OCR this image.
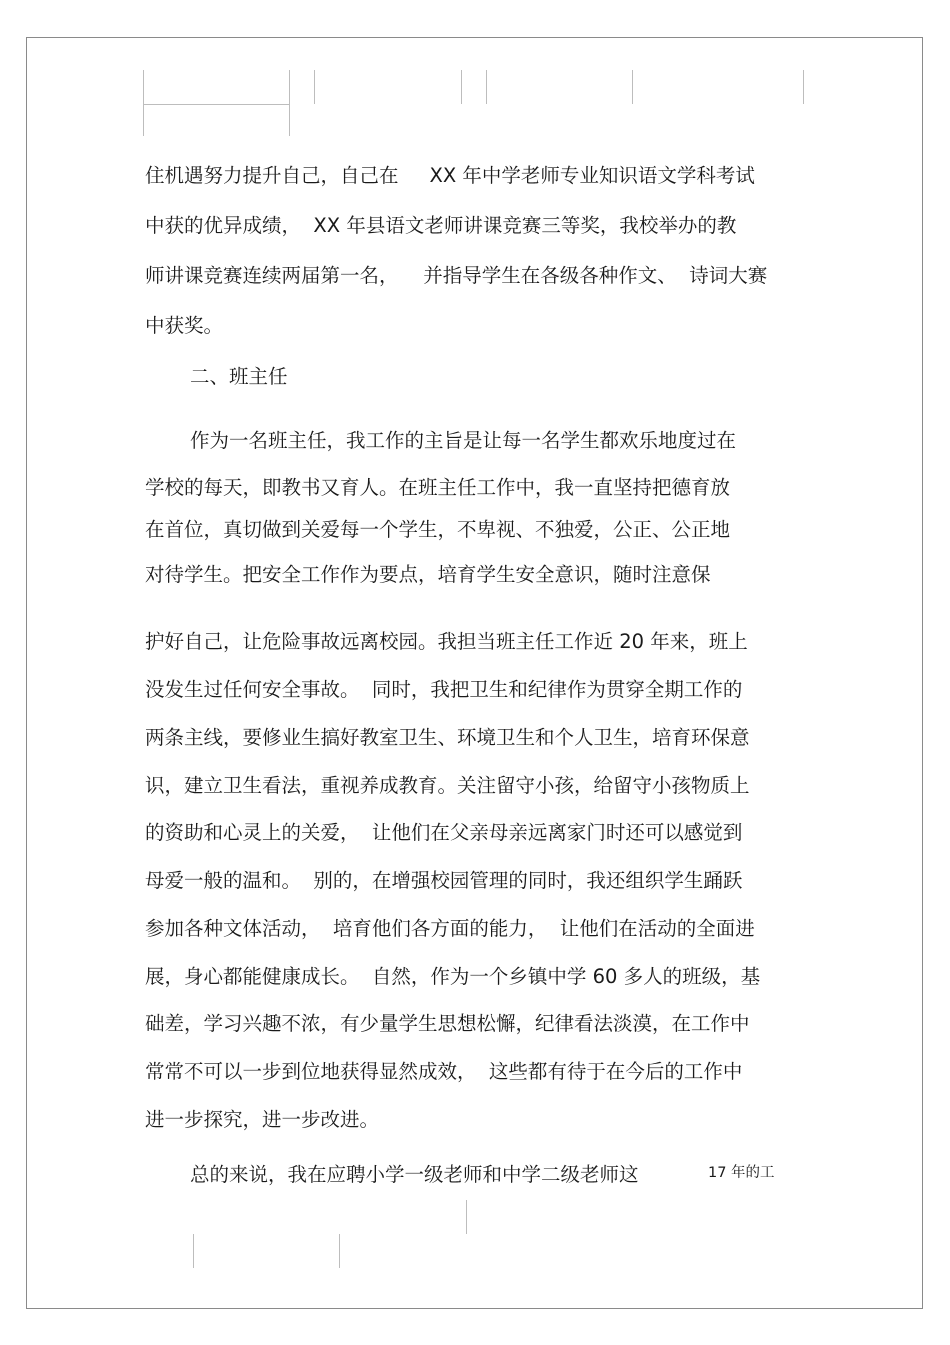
住机遇努力提升自己，自己在     XX 年中学老师专业知识语文学科考试
中获的优异成绩，  XX 年县语文老师讲课竞赛三等奖，我校举办的教
师讲课竞赛连续两届第一名，    并指导学生在各级各种作文、  诗词大赛
中获奖。
二、班主任
作为一名班主任，我工作的主旨是让每一名学生都欢乐地度过在
学校的每天，即教书又育人。在班主任工作中，我一直坚持把德育放
在首位，真切做到关爱每一个学生，不卑视、不独爱，公正、公正地
对待学生。把安全工作作为要点，培育学生安全意识，随时注意保
护好自己，让危险事故远离校园。我担当班主任工作近 20 年来，班上
没发生过任何安全事故。  同时，我把卫生和纪律作为贯穿全期工作的
两条主线，要修业生搞好教室卫生、环境卫生和个人卫生，培育环保意
识，建立卫生看法，重视养成教育。关注留守小孩，给留守小孩物质上
的资助和心灵上的关爱，  让他们在父亲母亲远离家门时还可以感觉到
母爱一般的温和。  别的，在增强校园管理的同时，我还组织学生踊跃
参加各种文体活动，  培育他们各方面的能力，  让他们在活动的全面进
展，身心都能健康成长。  自然，作为一个乡镇中学 60 多人的班级，基
础差，学习兴趣不浓，有少量学生思想松懈，纪律看法淡漠，在工作中
常常不可以一步到位地获得显然成效，  这些都有待于在今后的工作中
进一步探究，进一步改进。
总的来说，我在应聘小学一级老师和中学二级老师这	17 年的工
